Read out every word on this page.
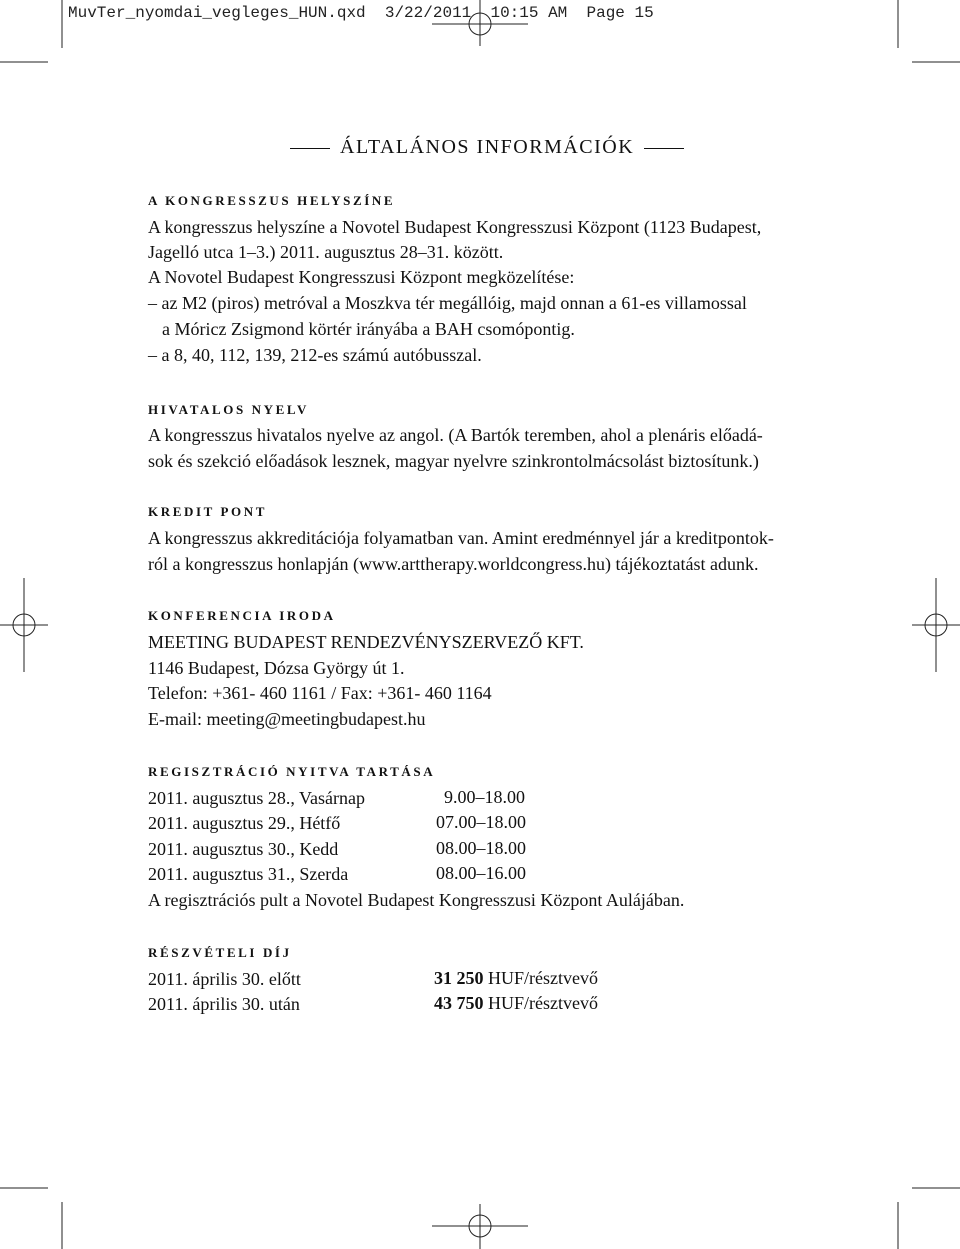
MuvTer_nyomdai_vegleges_HUN.qxd  3/22/2011  10:15 AM  Page 15
ÁLTALÁNOS INFORMÁCIÓK
A KONGRESSZUS HELYSZÍNE
A kongresszus helyszíne a Novotel Budapest Kongresszusi Központ (1123 Budapest,
Jagelló utca 1–3.) 2011. augusztus 28–31. között.
A Novotel Budapest Kongresszusi Központ megközelítése:
– az M2 (piros) metróval a Moszkva tér megállóig, majd onnan a 61-es villamossal
a Móricz Zsigmond körtér irányába a BAH csomópontig.
– a 8, 40, 112, 139, 212-es számú autóbusszal.
HIVATALOS NYELV
A kongresszus hivatalos nyelve az angol. (A Bartók teremben, ahol a plenáris előadá-
sok és szekció előadások lesznek, magyar nyelvre szinkrontolmácsolást biztosítunk.)
KREDIT PONT
A kongresszus akkreditációja folyamatban van. Amint eredménnyel jár a kreditpontok-
ról a kongresszus honlapján (www.arttherapy.worldcongress.hu) tájékoztatást adunk.
KONFERENCIA IRODA
MEETING BUDAPEST RENDEZVÉNYSZERVEZŐ KFT.
1146 Budapest, Dózsa György út 1.
Telefon: +361- 460 1161 / Fax: +361- 460 1164
E-mail: meeting@meetingbudapest.hu
REGISZTRÁCIÓ NYITVA TARTÁSA
2011. augusztus 28., Vasárnap	9.00–18.00
2011. augusztus 29., Hétfő	07.00–18.00
2011. augusztus 30., Kedd	08.00–18.00
2011. augusztus 31., Szerda	08.00–16.00
A regisztrációs pult a Novotel Budapest Kongresszusi Központ Aulájában.
RÉSZVÉTELI DÍJ
2011. április 30. előtt	31 250 HUF/résztvevő
2011. április 30. után	43 750 HUF/résztvevő
